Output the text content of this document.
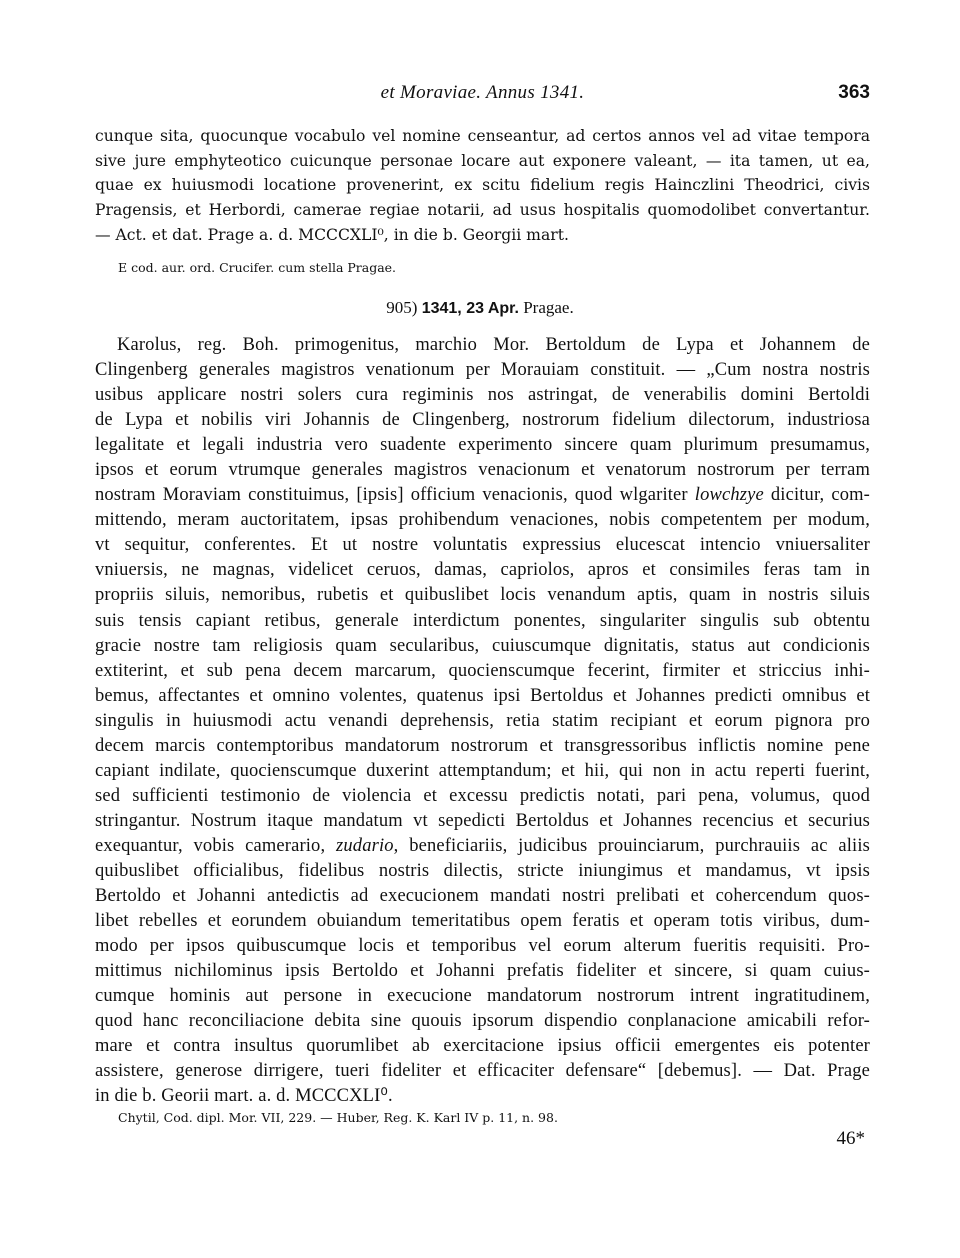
et Moraviae. Annus 1341.	363
cunque sita, quocunque vocabulo vel nomine censeantur, ad certos annos vel ad vitae tempora
sive jure emphyteotico cuicunque personae locare aut exponere valeant, — ita tamen, ut ea,
quae ex huiusmodi locatione provenerint, ex scitu fidelium regis Hainczlini Theodrici, civis
Pragensis, et Herbordi, camerae regiae notarii, ad usus hospitalis quomodolibet convertantur.
— Act. et dat. Prage a. d. MCCCXLI⁰, in die b. Georgii mart.
E cod. aur. ord. Crucifer. cum stella Pragae.
905) 1341, 23 Apr. Pragae.
Karolus, reg. Boh. primogenitus, marchio Mor. Bertoldum de Lypa et Johannem de
Clingenberg generales magistros venationum per Morauiam constituit. — „Cum nostra nostris
usibus applicare nostri solers cura regiminis nos astringat, de venerabilis domini Bertoldi
de Lypa et nobilis viri Johannis de Clingenberg, nostrorum fidelium dilectorum, industriosa
legalitate et legali industria vero suadente experimento sincere quam plurimum presumamus,
ipsos et eorum vtrumque generales magistros venacionum et venatorum nostrorum per terram
nostram Moraviam constituimus, [ipsis] officium venacionis, quod wlgariter lowchzye dicitur, com-
mittendo, meram auctoritatem, ipsas prohibendum venaciones, nobis competentem per modum,
vt sequitur, conferentes. Et ut nostre voluntatis expressius elucescat intencio vniuersaliter
vniuersis, ne magnas, videlicet ceruos, damas, capriolos, apros et consimiles feras tam in
propriis siluis, nemoribus, rubetis et quibuslibet locis venandum aptis, quam in nostris siluis
suis tensis capiant retibus, generale interdictum ponentes, singulariter singulis sub obtentu
gracie nostre tam religiosis quam secularibus, cuiuscumque dignitatis, status aut condicionis
extiterint, et sub pena decem marcarum, quocienscumque fecerint, firmiter et striccius inhi-
bemus, affectantes et omnino volentes, quatenus ipsi Bertoldus et Johannes predicti omnibus et
singulis in huiusmodi actu venandi deprehensis, retia statim recipiant et eorum pignora pro
decem marcis contemptoribus mandatorum nostrorum et transgressoribus inflictis nomine pene
capiant indilate, quocienscumque duxerint attemptandum; et hii, qui non in actu reperti fuerint,
sed sufficienti testimonio de violencia et excessu predictis notati, pari pena, volumus, quod
stringantur. Nostrum itaque mandatum vt sepedicti Bertoldus et Johannes recencius et securius
exequantur, vobis camerario, zudario, beneficiariis, judicibus prouinciarum, purchrauiis ac aliis
quibuslibet officialibus, fidelibus nostris dilectis, stricte iniungimus et mandamus, vt ipsis
Bertoldo et Johanni antedictis ad execucionem mandati nostri prelibati et cohercendum quos-
libet rebelles et eorundem obuiandum temeritatibus opem feratis et operam totis viribus, dum-
modo per ipsos quibuscumque locis et temporibus vel eorum alterum fueritis requisiti. Pro-
mittimus nichilominus ipsis Bertoldo et Johanni prefatis fideliter et sincere, si quam cuius-
cumque hominis aut persone in execucione mandatorum nostrorum intrent ingratitudinem,
quod hanc reconciliacione debita sine quouis ipsorum dispendio conplanacione amicabili refor-
mare et contra insultus quorumlibet ab exercitacione ipsius officii emergentes eis potenter
assistere, generose dirrigere, tueri fideliter et efficaciter defensare“ [debemus]. — Dat. Prage
in die b. Georii mart. a. d. MCCCXLI⁰.
Chytil, Cod. dipl. Mor. VII, 229. — Huber, Reg. K. Karl IV p. 11, n. 98.
46*
